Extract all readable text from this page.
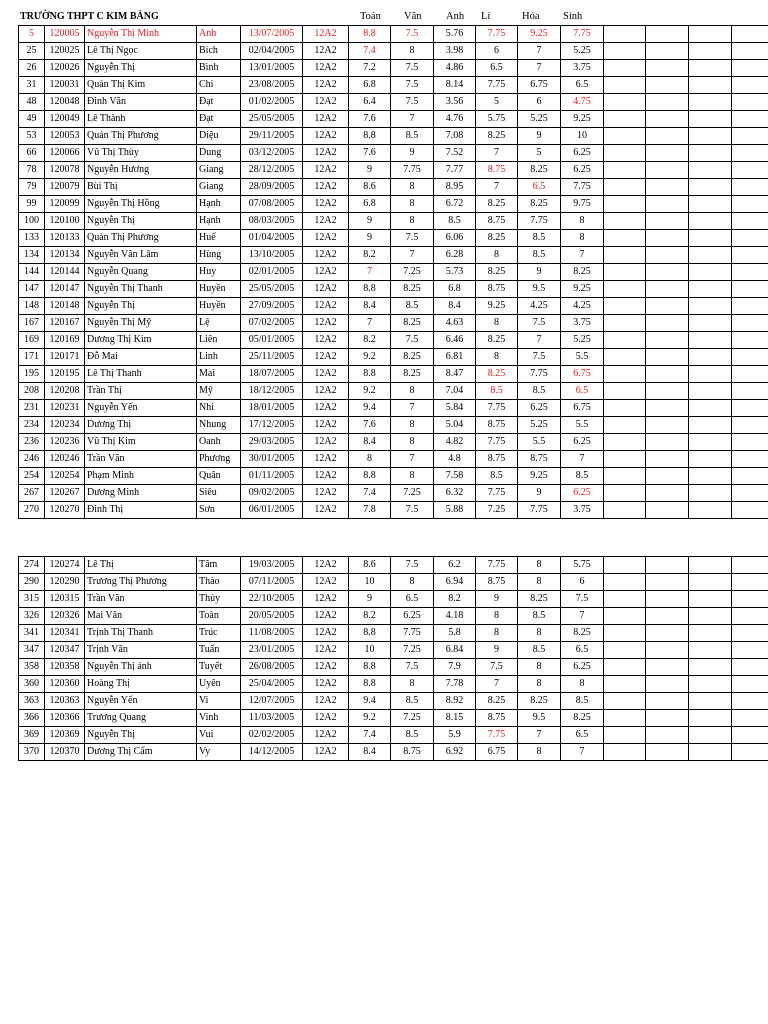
TRƯỜNG THPT C KIM BẢNG	Toán Văn Anh Lí	Hóa Sinh
5	120005	Nguyễn Thị Minh	Anh	13/07/2005	12A2	8.8	7.5	5.76	7.75	9.25	7.75				
25	120025	Lê Thị Ngọc	Bích	02/04/2005	12A2	7.4	8	3.98	6	7	5.25				
26	120026	Nguyễn Thị	Bình	13/01/2005	12A2	7.2	7.5	4.86	6.5	7	3.75				
31	120031	Quản Thị Kim	Chi	23/08/2005	12A2	6.8	7.5	8.14	7.75	6.75	6.5				
48	120048	Đinh Văn	Đạt	01/02/2005	12A2	6.4	7.5	3.56	5	6	4.75				
49	120049	Lê Thành	Đạt	25/05/2005	12A2	7.6	7	4.76	5.75	5.25	9.25				
53	120053	Quản Thị Phương	Diệu	29/11/2005	12A2	8.8	8.5	7.08	8.25	9	10				
66	120066	Vũ Thị Thùy	Dung	03/12/2005	12A2	7.6	9	7.52	7	5	6.25				
78	120078	Nguyễn Hương	Giang	28/12/2005	12A2	9	7.75	7.77	8.75	8.25	6.25				
79	120079	Bùi Thị	Giang	28/09/2005	12A2	8.6	8	8.95	7	6.5	7.75				
99	120099	Nguyễn Thị Hồng	Hạnh	07/08/2005	12A2	6.8	8	6.72	8.25	8.25	9.75				
100	120100	Nguyễn Thị	Hạnh	08/03/2005	12A2	9	8	8.5	8.75	7.75	8				
133	120133	Quản Thị Phương	Huế	01/04/2005	12A2	9	7.5	6.06	8.25	8.5	8				
134	120134	Nguyễn Văn Lâm	Hùng	13/10/2005	12A2	8.2	7	6.28	8	8.5	7				
144	120144	Nguyễn Quang	Huy	02/01/2005	12A2	7	7.25	5.73	8.25	9	8.25				
147	120147	Nguyễn Thị Thanh	Huyền	25/05/2005	12A2	8.8	8.25	6.8	8.75	9.5	9.25				
148	120148	Nguyễn Thị	Huyền	27/09/2005	12A2	8.4	8.5	8.4	9.25	4.25	4.25				
167	120167	Nguyễn Thị Mỹ	Lệ	07/02/2005	12A2	7	8.25	4.63	8	7.5	3.75				
169	120169	Dương Thị Kim	Liên	05/01/2005	12A2	8.2	7.5	6.46	8.25	7	5.25				
171	120171	Đỗ Mai	Linh	25/11/2005	12A2	9.2	8.25	6.81	8	7.5	5.5				
195	120195	Lê Thị Thanh	Mai	18/07/2005	12A2	8.8	8.25	8.47	8.25	7.75	6.75				
208	120208	Trần Thị	Mỹ	18/12/2005	12A2	9.2	8	7.04	8.5	8.5	6.5				
231	120231	Nguyễn Yến	Nhi	18/01/2005	12A2	9.4	7	5.84	7.75	6.25	6.75				
234	120234	Dương Thị	Nhung	17/12/2005	12A2	7.6	8	5.04	8.75	5.25	5.5				
236	120236	Vũ Thị Kim	Oanh	29/03/2005	12A2	8.4	8	4.82	7.75	5.5	6.25				
246	120246	Trần Văn	Phương	30/01/2005	12A2	8	7	4.8	8.75	8.75	7				
254	120254	Phạm Minh	Quân	01/11/2005	12A2	8.8	8	7.58	8.5	9.25	8.5				
267	120267	Dương Minh	Siêu	09/02/2005	12A2	7.4	7.25	6.32	7.75	9	6.25				
270	120270	Đinh Thị	Sơn	06/01/2005	12A2	7.8	7.5	5.88	7.25	7.75	3.75				
274	120274	Lê Thị	Tâm	19/03/2005	12A2	8.6	7.5	6.2	7.75	8	5.75				
290	120290	Trương Thị Phương	Thảo	07/11/2005	12A2	10	8	6.94	8.75	8	6				
315	120315	Trần Văn	Thủy	22/10/2005	12A2	9	6.5	8.2	9	8.25	7.5				
326	120326	Mai Văn	Toàn	20/05/2005	12A2	8.2	6.25	4.18	8	8.5	7				
341	120341	Trịnh Thị Thanh	Trúc	11/08/2005	12A2	8.8	7.75	5.8	8	8	8.25				
347	120347	Trịnh Văn	Tuấn	23/01/2005	12A2	10	7.25	6.84	9	8.5	6.5				
358	120358	Nguyễn Thị ánh	Tuyết	26/08/2005	12A2	8.8	7.5	7.9	7.5	8	6.25				
360	120360	Hoàng Thị	Uyên	25/04/2005	12A2	8.8	8	7.78	7	8	8				
363	120363	Nguyễn Yến	Vi	12/07/2005	12A2	9.4	8.5	8.92	8.25	8.25	8.5				
366	120366	Trương Quang	Vinh	11/03/2005	12A2	9.2	7.25	8.15	8.75	9.5	8.25				
369	120369	Nguyễn Thị	Vui	02/02/2005	12A2	7.4	8.5	5.9	7.75	7	6.5				
370	120370	Dương Thị Cẩm	Vy	14/12/2005	12A2	8.4	8.75	6.92	6.75	8	7				
